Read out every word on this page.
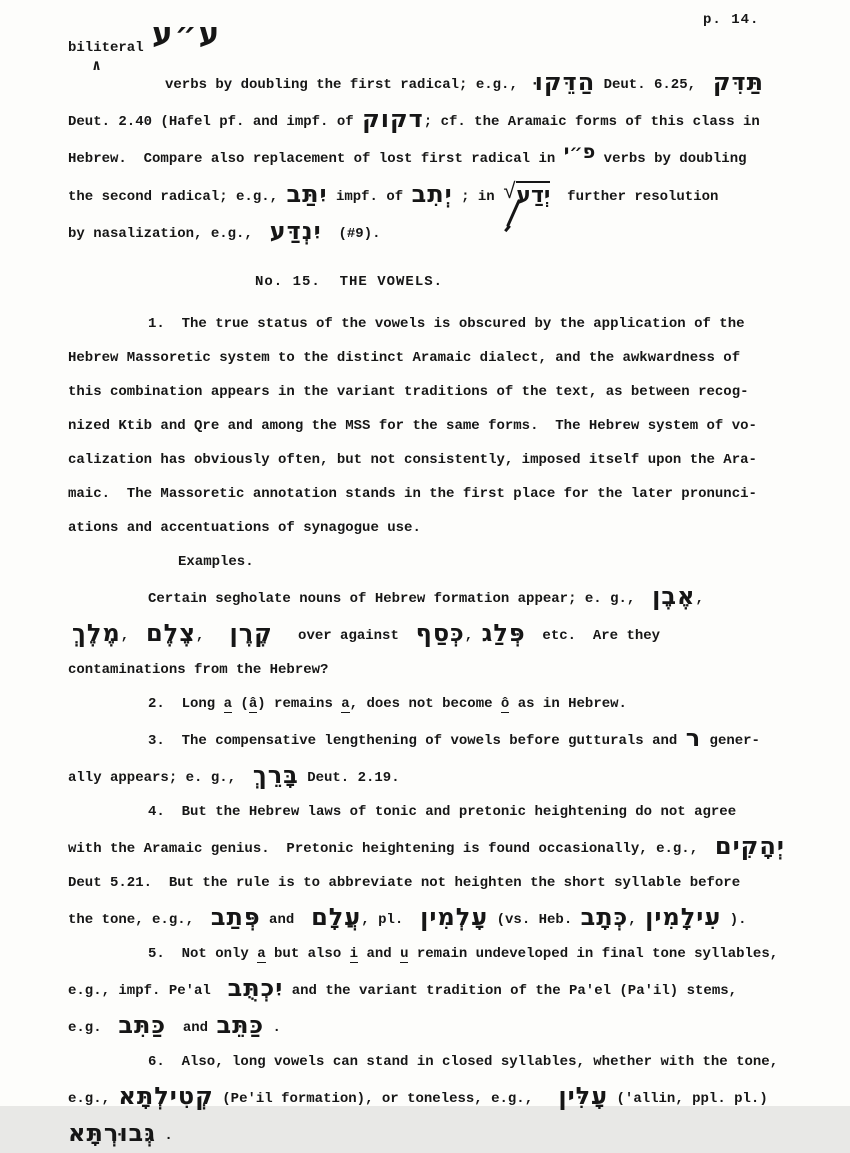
p. 14.
∧
biliteral ע״ע
verbs by doubling the first radical; e.g.,  הַדֵּקוּ Deut. 6.25,  תַּדִּק
Deut. 2.40 (Hafel pf. and impf. of דקוק; cf. the Aramaic forms of this class in
Hebrew.  Compare also replacement of lost first radical in פ״י verbs by doubling
the second radical; e.g., יִתַּב impf. of יְתִב ; in √יְדַע  further resolution
by nasalization, e.g.,  יִנְדַּע  (#9).
No. 15.  THE VOWELS.
1.  The true status of the vowels is obscured by the application of the
Hebrew Massoretic system to the distinct Aramaic dialect, and the awkwardness of
this combination appears in the variant traditions of the text, as between recog-
nized Ktib and Qre and among the MSS for the same forms.  The Hebrew system of vo-
calization has obviously often, but not consistently, imposed itself upon the Ara-
maic.  The Massoretic annotation stands in the first place for the later pronunci-
ations and accentuations of synagogue use.
Examples.
Certain segholate nouns of Hebrew formation appear; e. g.,  אֶבֶן,
מֶלֶךְ,  צֶלֶם,   קֶרֶן   over against  כְּסַף, פְּלַג  etc.  Are they
contaminations from the Hebrew?
2.  Long a (â) remains a, does not become ô as in Hebrew.
3.  The compensative lengthening of vowels before gutturals and ר gener-
ally appears; e. g.,  בָּרֵךְ Deut. 2.19.
4.  But the Hebrew laws of tonic and pretonic heightening do not agree
with the Aramaic genius.  Pretonic heightening is found occasionally, e.g.,  יְהָקִים
Deut 5.21.  But the rule is to abbreviate not heighten the short syllable before
the tone, e.g.,  פְּתַב and  עֲלָם, pl.  עָלְמִין (vs. Heb. כְּתָב, עִילָמִין ).
5.  Not only a but also i and u remain undeveloped in final tone syllables,
e.g., impf. Pe'al  יִכְתֻּב and the variant tradition of the Pa'el (Pa'il) stems,
e.g.  כַּתִּב  and כַּתֵּב .
6.  Also, long vowels can stand in closed syllables, whether with the tone,
e.g., קְטִילְתָּא (Pe'il formation), or toneless, e.g.,   עָלִּין ('allin, ppl. pl.)
גְּבוּרְתָּא .
